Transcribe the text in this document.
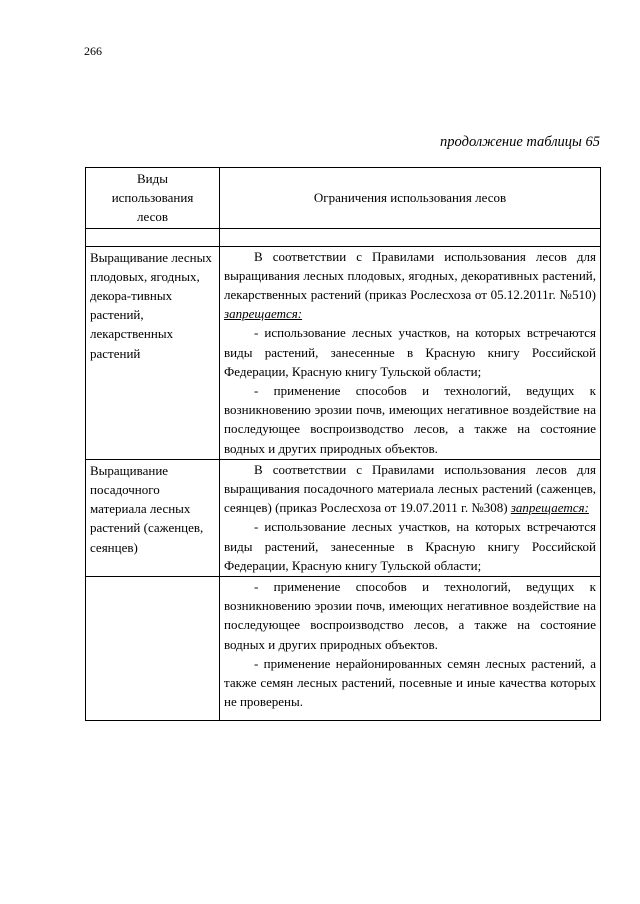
266
продолжение таблицы 65
Виды
использования
лесов	Ограничения использования лесов

Выращивание лесных плодовых, ягодных, декора-тивных растений, лекарственных растений	В соответствии с Правилами использования лесов для выращивания лесных плодовых, ягодных, декоративных растений, лекарственных растений (приказ Рослесхоза от 05.12.2011г. №510) запрещается:

- использование лесных участков, на которых встречаются виды растений, занесенные в Красную книгу Российской Федерации, Красную книгу Тульской области;

- применение способов и технологий, ведущих к возникновению эрозии почв, имеющих негативное воздействие на последующее воспроизводство лесов, а также на состояние водных и других природных объектов.

Выращивание посадочного материала лесных растений (саженцев, сеянцев)	В соответствии с Правилами использования лесов для выращивания посадочного материала лесных растений (саженцев, сеянцев) (приказ Рослесхоза от 19.07.2011 г. №308) запрещается:

- использование лесных участков, на которых встречаются виды растений, занесенные в Красную книгу Российской Федерации, Красную книгу Тульской области;

	- применение способов и технологий, ведущих к возникновению эрозии почв, имеющих негативное воздействие на последующее воспроизводство лесов, а также на состояние водных и других природных объектов.

- применение нерайонированных семян лесных растений, а также семян лесных растений, посевные и иные качества которых не проверены.
